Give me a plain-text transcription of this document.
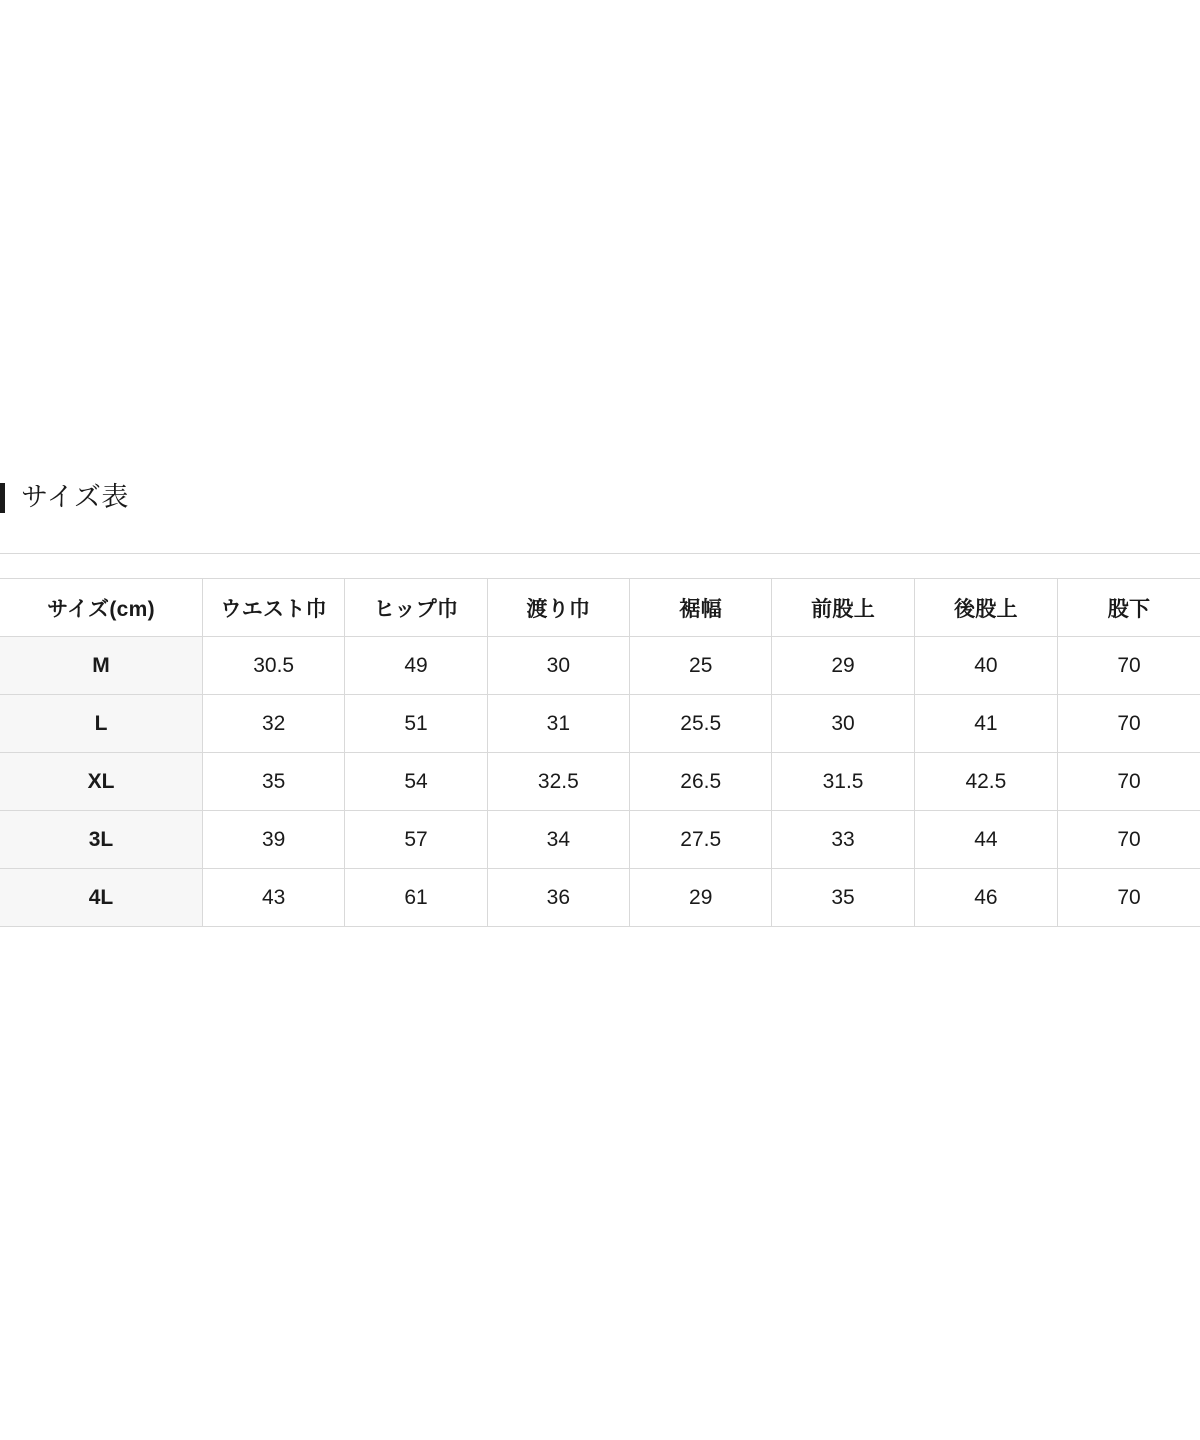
サイズ表
サイズ(cm)	ウエスト巾	ヒップ巾	渡り巾	裾幅	前股上	後股上	股下
M	30.5	49	30	25	29	40	70
L	32	51	31	25.5	30	41	70
XL	35	54	32.5	26.5	31.5	42.5	70
3L	39	57	34	27.5	33	44	70
4L	43	61	36	29	35	46	70
